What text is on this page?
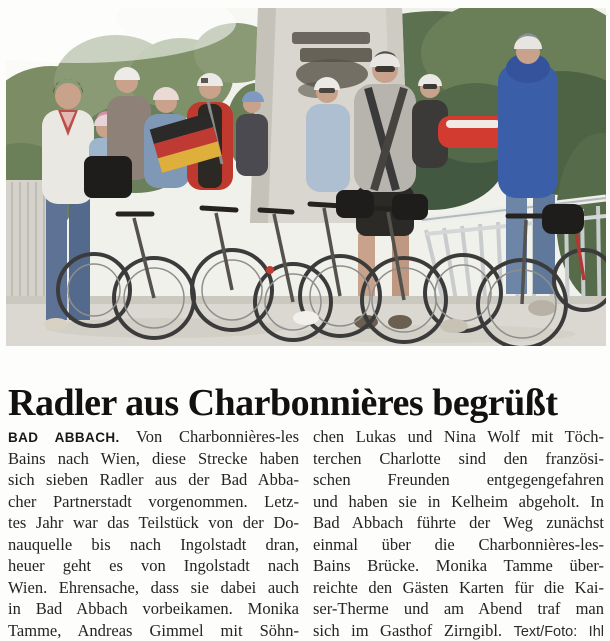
Radler aus Charbonnières begrüßt
BAD ABBACH. Von Charbonnières-les
Bains nach Wien, diese Strecke haben
sich sieben Radler aus der Bad Abba-
cher Partnerstadt vorgenommen. Letz-
tes Jahr war das Teilstück von der Do-
nauquelle bis nach Ingolstadt dran,
heuer geht es von Ingolstadt nach
Wien. Ehrensache, dass sie dabei auch
in Bad Abbach vorbeikamen. Monika
Tamme, Andreas Gimmel mit Söhn-
chen Lukas und Nina Wolf mit Töch-
terchen Charlotte sind den französi-
schen Freunden entgegengefahren
und haben sie in Kelheim abgeholt. In
Bad Abbach führte der Weg zunächst
einmal über die Charbonnières-les-
Bains Brücke. Monika Tamme über-
reichte den Gästen Karten für die Kai-
ser-Therme und am Abend traf man
sich im Gasthof Zirngibl. Text/Foto: Ihl
